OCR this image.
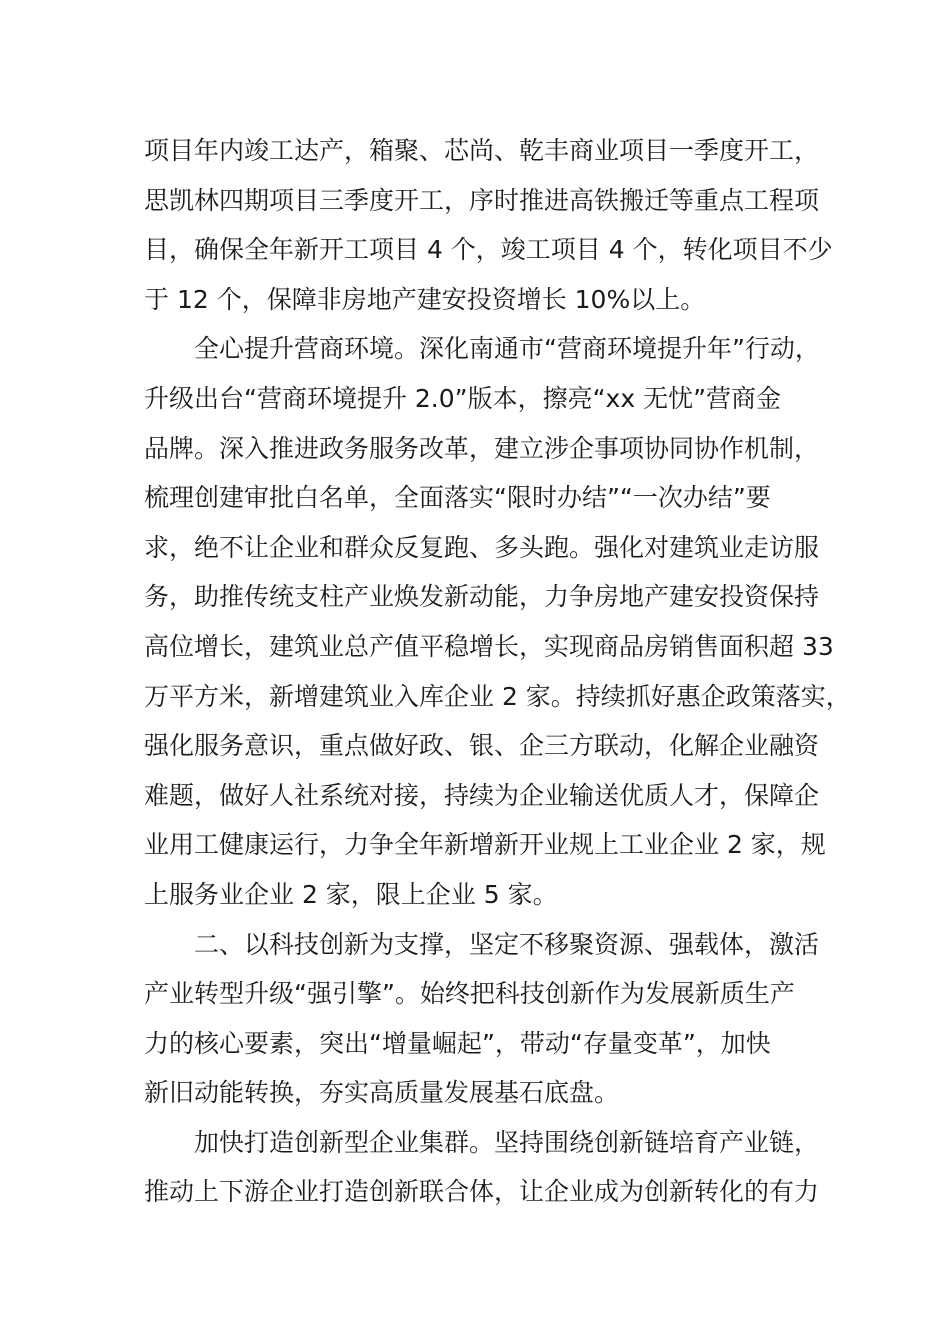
项目年内竣工达产，箱聚、芯尚、乾丰商业项目一季度开工，
思凯林四期项目三季度开工，序时推进高铁搬迁等重点工程项
目，确保全年新开工项目 4 个，竣工项目 4 个，转化项目不少
于 12 个，保障非房地产建安投资增长 10%以上。
全心提升营商环境。深化南通市“营商环境提升年”行动，
升级出台“营商环境提升 2.0”版本，擦亮“xx 无忧”营商金
品牌。深入推进政务服务改革，建立涉企事项协同协作机制，
梳理创建审批白名单，全面落实“限时办结”“一次办结”要
求，绝不让企业和群众反复跑、多头跑。强化对建筑业走访服
务，助推传统支柱产业焕发新动能，力争房地产建安投资保持
高位增长，建筑业总产值平稳增长，实现商品房销售面积超 33
万平方米，新增建筑业入库企业 2 家。持续抓好惠企政策落实，
强化服务意识，重点做好政、银、企三方联动，化解企业融资
难题，做好人社系统对接，持续为企业输送优质人才，保障企
业用工健康运行，力争全年新增新开业规上工业企业 2 家，规
上服务业企业 2 家，限上企业 5 家。
二、以科技创新为支撑，坚定不移聚资源、强载体，激活
产业转型升级“强引擎”。始终把科技创新作为发展新质生产
力的核心要素，突出“增量崛起”，带动“存量变革”，加快
新旧动能转换，夯实高质量发展基石底盘。
加快打造创新型企业集群。坚持围绕创新链培育产业链，
推动上下游企业打造创新联合体，让企业成为创新转化的有力
